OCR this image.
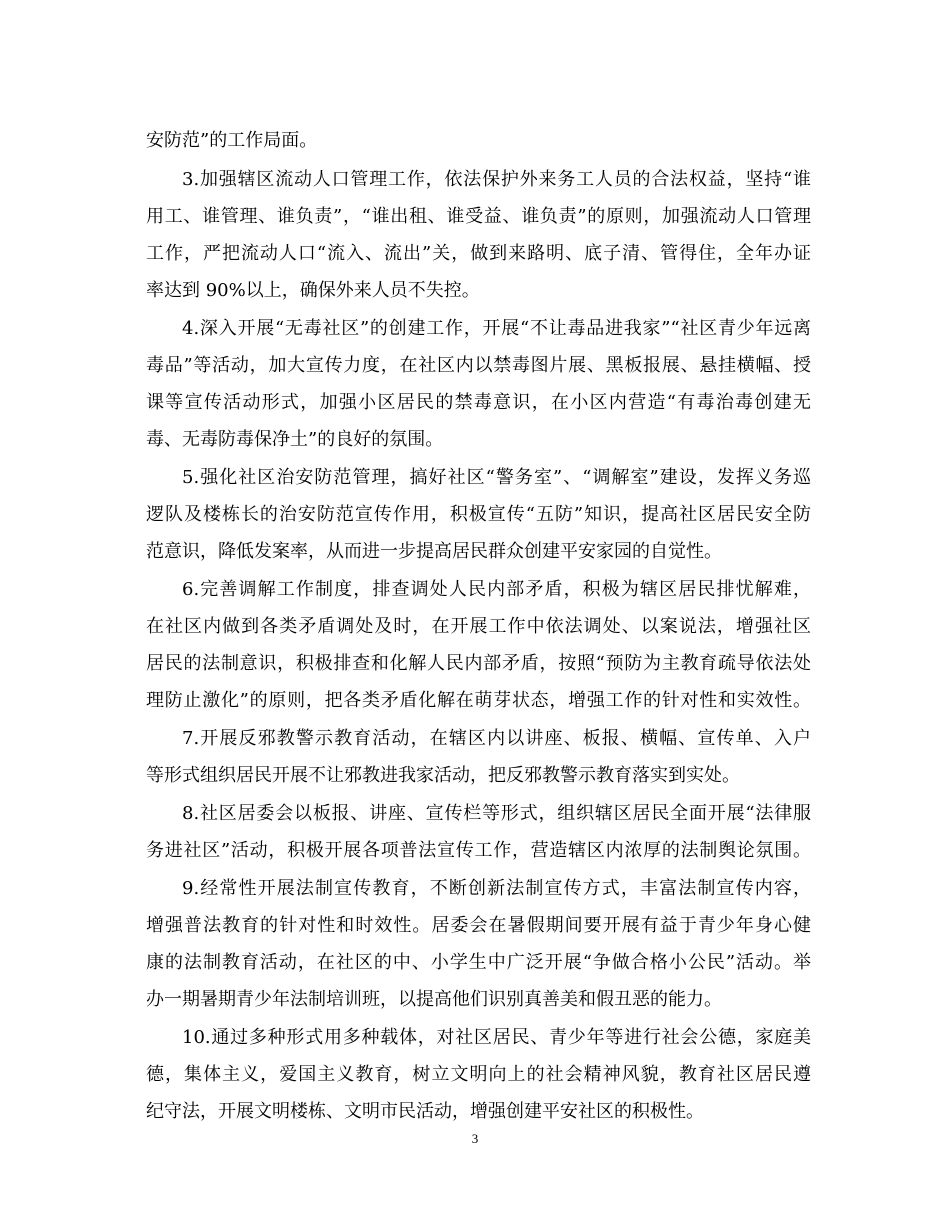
安防范”的工作局面。
3.加强辖区流动人口管理工作，依法保护外来务工人员的合法权益，坚持“谁
用工、谁管理、谁负责”，“谁出租、谁受益、谁负责”的原则，加强流动人口管理
工作，严把流动人口“流入、流出”关，做到来路明、底子清、管得住，全年办证
率达到 90%以上，确保外来人员不失控。
4.深入开展“无毒社区”的创建工作，开展“不让毒品进我家”“社区青少年远离
毒品”等活动，加大宣传力度，在社区内以禁毒图片展、黑板报展、悬挂横幅、授
课等宣传活动形式，加强小区居民的禁毒意识，在小区内营造“有毒治毒创建无
毒、无毒防毒保净土”的良好的氛围。
5.强化社区治安防范管理，搞好社区“警务室”、“调解室”建设，发挥义务巡
逻队及楼栋长的治安防范宣传作用，积极宣传“五防”知识，提高社区居民安全防
范意识，降低发案率，从而进一步提高居民群众创建平安家园的自觉性。
6.完善调解工作制度，排查调处人民内部矛盾，积极为辖区居民排忧解难，
在社区内做到各类矛盾调处及时，在开展工作中依法调处、以案说法，增强社区
居民的法制意识，积极排查和化解人民内部矛盾，按照“预防为主教育疏导依法处
理防止激化”的原则，把各类矛盾化解在萌芽状态，增强工作的针对性和实效性。
7.开展反邪教警示教育活动，在辖区内以讲座、板报、横幅、宣传单、入户
等形式组织居民开展不让邪教进我家活动，把反邪教警示教育落实到实处。
8.社区居委会以板报、讲座、宣传栏等形式，组织辖区居民全面开展“法律服
务进社区”活动，积极开展各项普法宣传工作，营造辖区内浓厚的法制舆论氛围。
9.经常性开展法制宣传教育，不断创新法制宣传方式，丰富法制宣传内容，
增强普法教育的针对性和时效性。居委会在暑假期间要开展有益于青少年身心健
康的法制教育活动，在社区的中、小学生中广泛开展“争做合格小公民”活动。举
办一期暑期青少年法制培训班，以提高他们识别真善美和假丑恶的能力。
10.通过多种形式用多种载体，对社区居民、青少年等进行社会公德，家庭美
德，集体主义，爱国主义教育，树立文明向上的社会精神风貌，教育社区居民遵
纪守法，开展文明楼栋、文明市民活动，增强创建平安社区的积极性。
3
